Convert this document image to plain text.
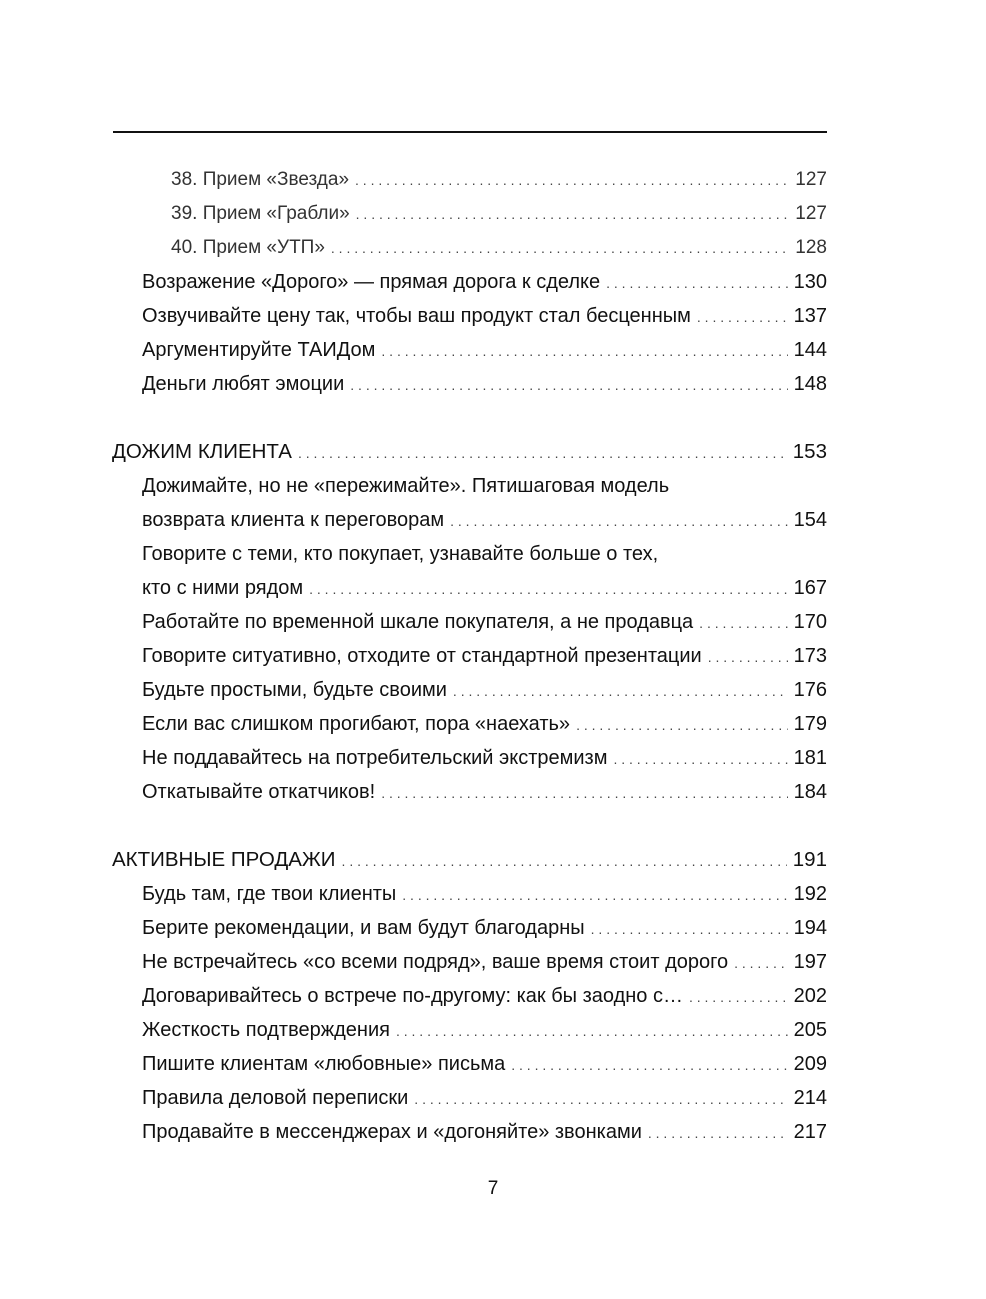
38. Прием «Звезда» . . .	127
39. Прием «Грабли» . . .	127
40. Прием «УТП» . . .	128
Возражение «Дорого» — прямая дорога к сделке . . .	130
Озвучивайте цену так, чтобы ваш продукт стал бесценным . . .	137
Аргументируйте ТАИДом . . .	144
Деньги любят эмоции . . .	148
ДОЖИМ КЛИЕНТА . . .	153
Дожимайте, но не «пережимайте». Пятишаговая модель
возврата клиента к переговорам . . .	154
Говорите с теми, кто покупает, узнавайте больше о тех,
кто с ними рядом . . .	167
Работайте по временной шкале покупателя, а не продавца . . .	170
Говорите ситуативно, отходите от стандартной презентации . . .	173
Будьте простыми, будьте своими . . .	176
Если вас слишком прогибают, пора «наехать» . . .	179
Не поддавайтесь на потребительский экстремизм . . .	181
Откатывайте откатчиков! . . .	184
АКТИВНЫЕ ПРОДАЖИ . . .	191
Будь там, где твои клиенты . . .	192
Берите рекомендации, и вам будут благодарны . . .	194
Не встречайтесь «со всеми подряд», ваше время стоит дорого . . .	197
Договаривайтесь о встрече по-другому: как бы заодно с… . . .	202
Жесткость подтверждения . . .	205
Пишите клиентам «любовные» письма . . .	209
Правила деловой переписки . . .	214
Продавайте в мессенджерах и «догоняйте» звонками . . .	217
7
